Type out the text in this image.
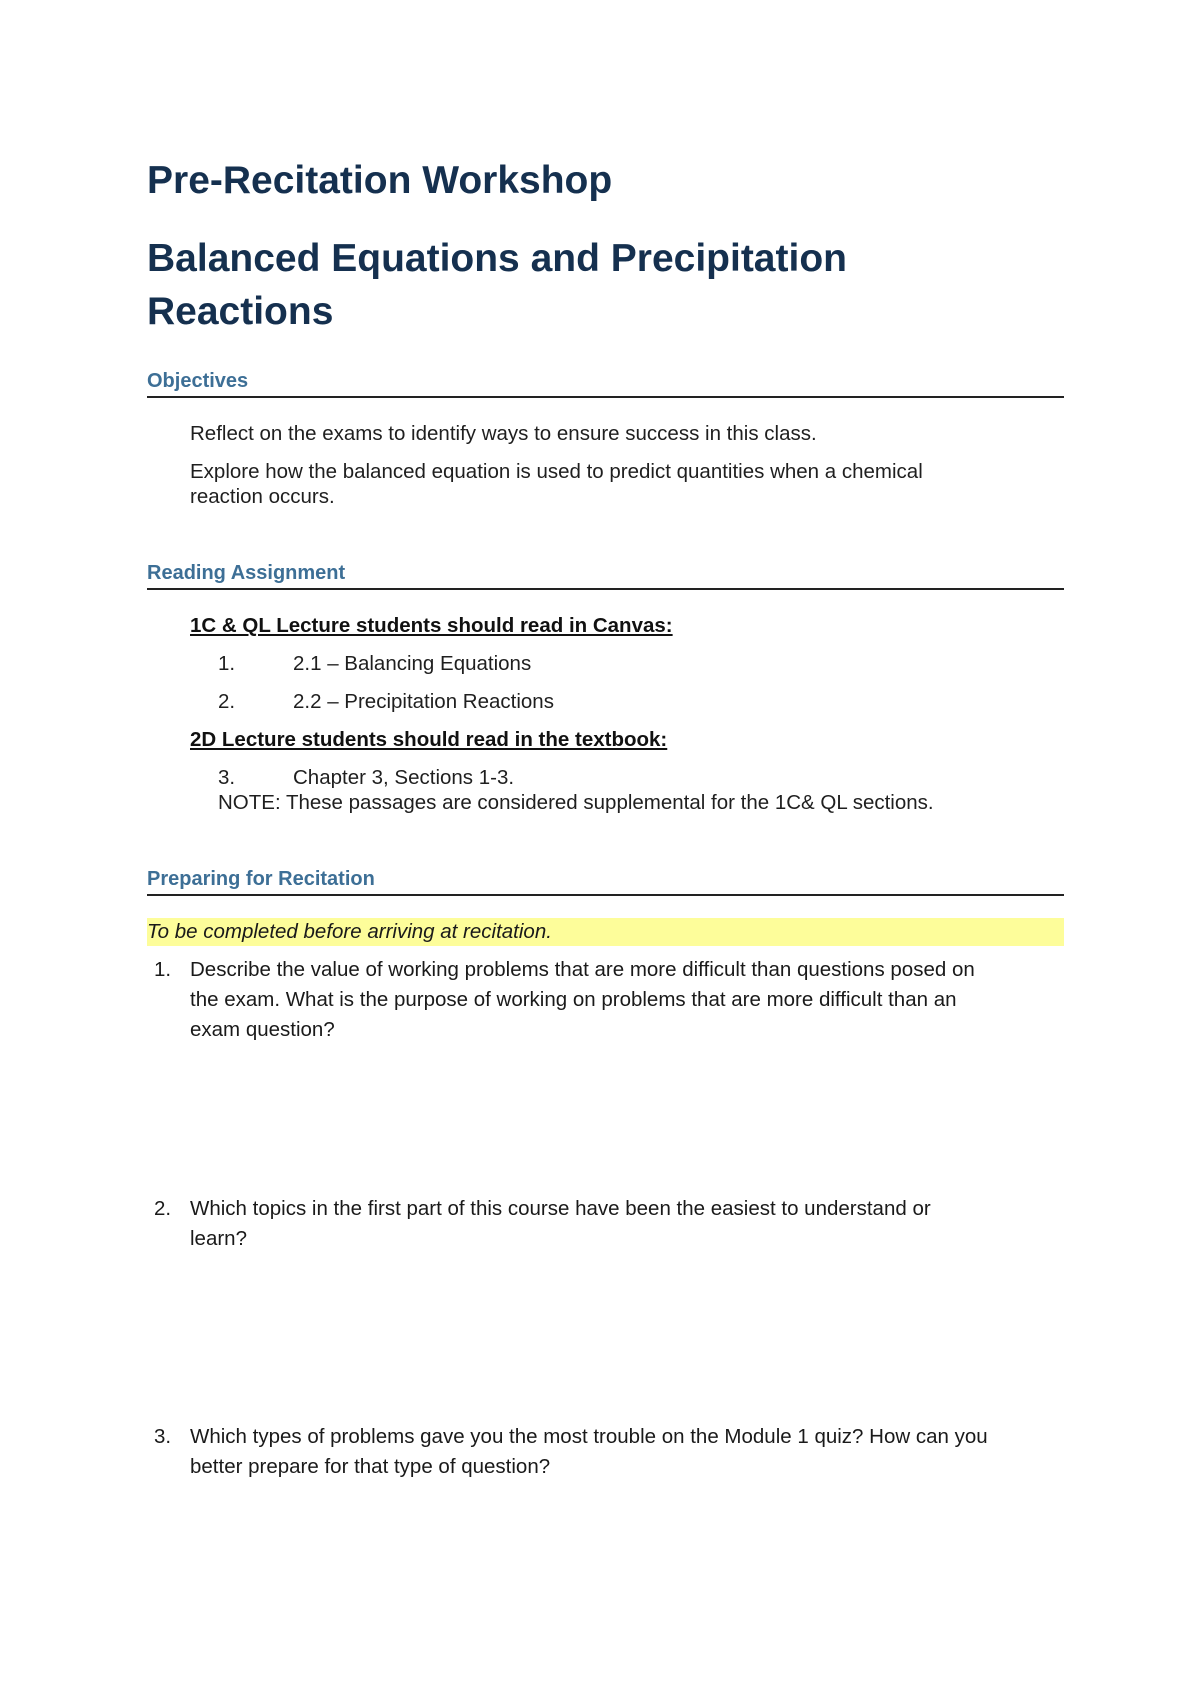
Pre-Recitation Workshop
Balanced Equations and Precipitation
Reactions
Objectives

Reflect on the exams to identify ways to ensure success in this class.

Explore how the balanced equation is used to predict quantities when a chemical

reaction occurs.

Reading Assignment

1C & QL Lecture students should read in Canvas:

1.	2.1 – Balancing Equations

2.	2.2 – Precipitation Reactions

2D Lecture students should read in the textbook:

3.	Chapter 3, Sections 1-3.

NOTE: These passages are considered supplemental for the 1C& QL sections.

Preparing for Recitation
To be completed before arriving at recitation.
1. Describe the value of working problems that are more difficult than questions posed on
the exam. What is the purpose of working on problems that are more difficult than an
exam question?
2. Which topics in the first part of this course have been the easiest to understand or
learn?
3. Which types of problems gave you the most trouble on the Module 1 quiz? How can you
better prepare for that type of question?
